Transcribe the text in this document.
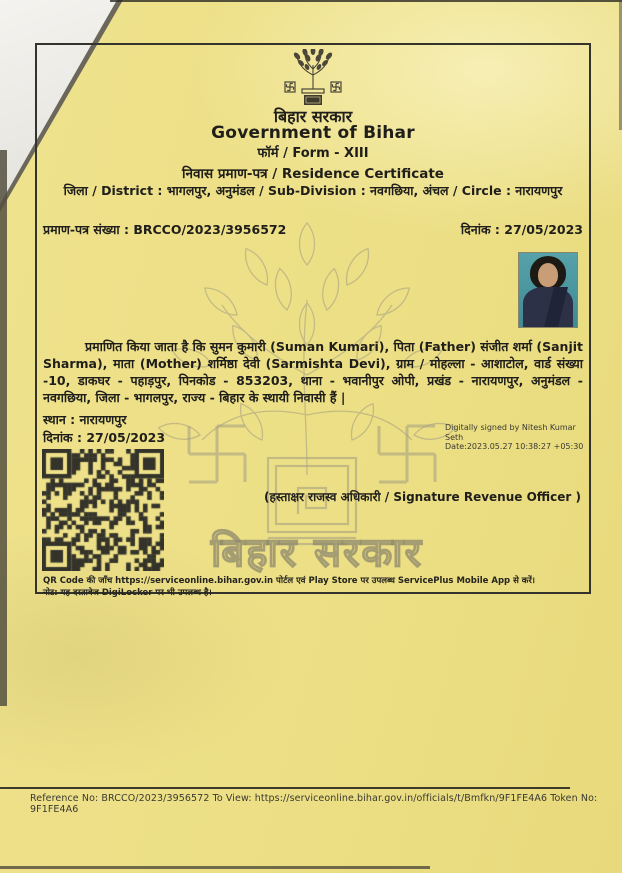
बिहार सरकार
Government of Bihar
फॉर्म / Form - XIII
निवास प्रमाण-पत्र / Residence Certificate
जिला / District : भागलपुर, अनुमंडल / Sub-Division : नवगछिया, अंचल / Circle : नारायणपुर
प्रमाण-पत्र संख्या : BRCCO/2023/3956572	दिनांक : 27/05/2023
प्रमाणित किया जाता है कि सुमन कुमारी (Suman Kumari), पिता (Father) संजीत शर्मा (Sanjit Sharma), माता (Mother) शर्मिष्ठा देवी (Sarmishta Devi), ग्राम / मोहल्ला - आशाटोल, वार्ड संख्या -10, डाकघर - पहाड़पुर, पिनकोड - 853203, थाना - भवानीपुर ओपी, प्रखंड - नारायणपुर, अनुमंडल - नवगछिया, जिला - भागलपुर, राज्य - बिहार के स्थायी निवासी हैं |
स्थान : नारायणपुर
दिनांक : 27/05/2023
Digitally signed by Nitesh Kumar Seth
Date:2023.05.27 10:38:27 +05:30
बिहार सरकार
(हस्ताक्षर राजस्व अधिकारी / Signature Revenue Officer )
QR Code की जाँच https://serviceonline.bihar.gov.in पोर्टल एवं Play Store पर उपलब्ध ServicePlus Mobile App से करें।
नोट: यह दस्तावेज DigiLocker पर भी उपलब्ध है।
Reference No: BRCCO/2023/3956572 To View: https://serviceonline.bihar.gov.in/officials/t/Bmfkn/9F1FE4A6 Token No: 9F1FE4A6
